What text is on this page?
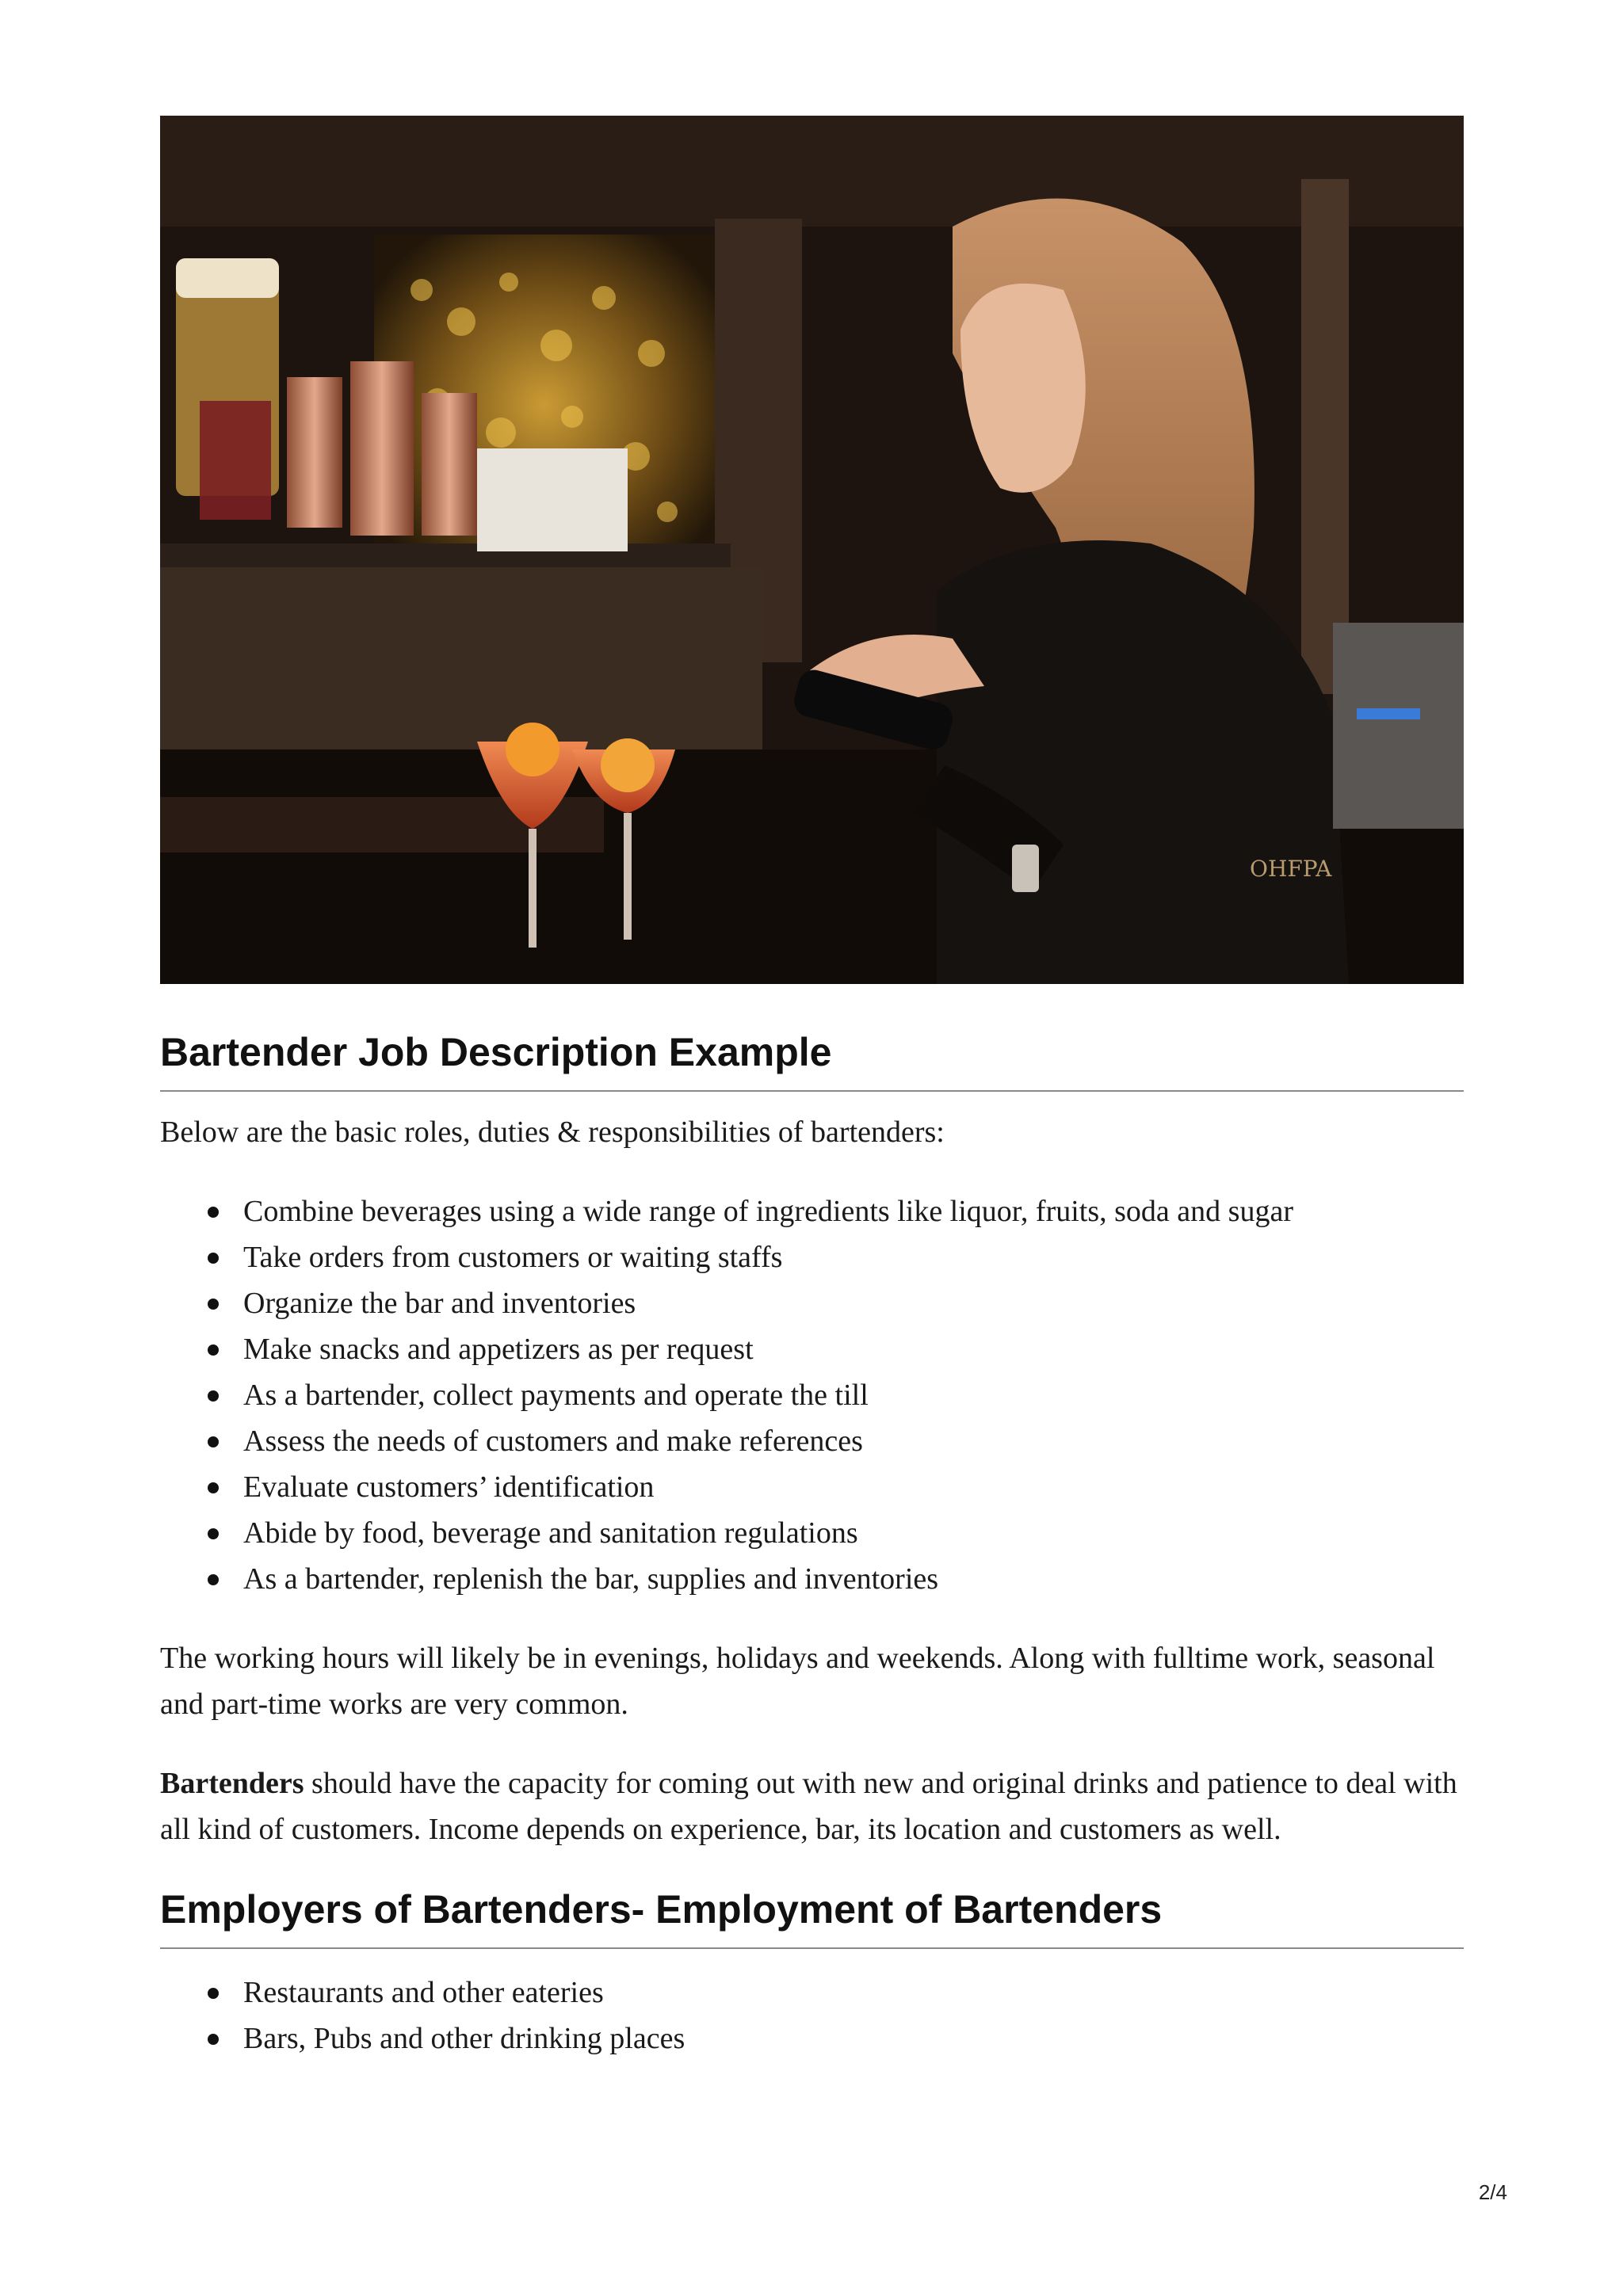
OHFPA
Bartender Job Description Example

Below are the basic roles, duties & responsibilities of bartenders:

Combine beverages using a wide range of ingredients like liquor, fruits, soda and sugar
Take orders from customers or waiting staffs
Organize the bar and inventories
Make snacks and appetizers as per request
As a bartender, collect payments and operate the till
Assess the needs of customers and make references
Evaluate customers’ identification
Abide by food, beverage and sanitation regulations
As a bartender, replenish the bar, supplies and inventories

The working hours will likely be in evenings, holidays and weekends. Along with fulltime work, seasonal and part-time works are very common.

Bartenders should have the capacity for coming out with new and original drinks and patience to deal with all kind of customers. Income depends on experience, bar, its location and customers as well.

Employers of Bartenders- Employment of Bartenders
Restaurants and other eateries
Bars, Pubs and other drinking places
2/4
